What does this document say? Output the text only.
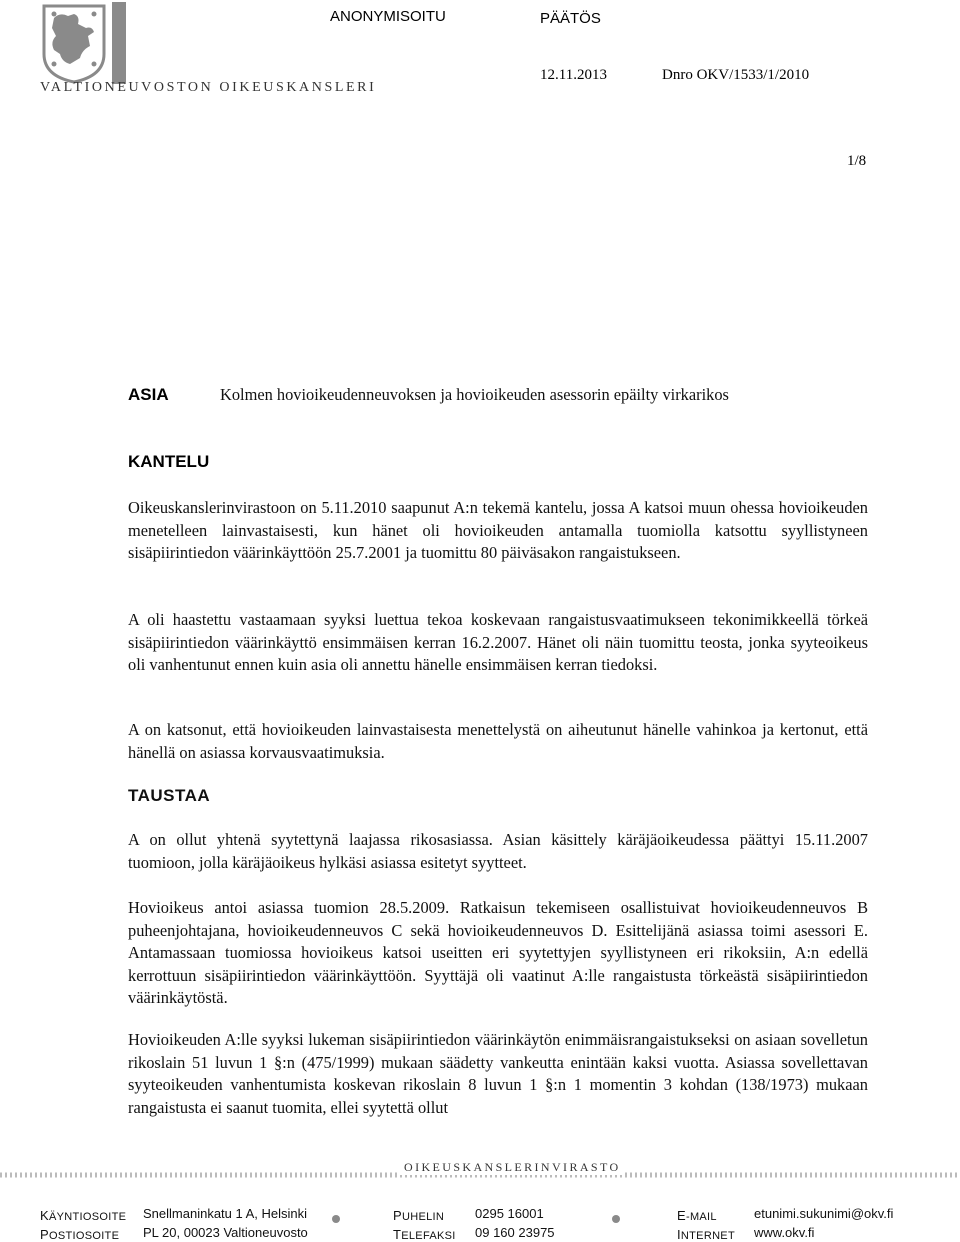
VALTIONEUVOSTON OIKEUSKANSLERI
ANONYMISOITU	PÄÄTÖS
12.11.2013	Dnro OKV/1533/1/2010
1/8
ASIA	Kolmen hovioikeudenneuvoksen ja hovioikeuden asessorin epäilty virkarikos
KANTELU
Oikeuskanslerinvirastoon on 5.11.2010 saapunut A:n tekemä kantelu, jossa A katsoi muun ohessa hovioikeuden menetelleen lainvastaisesti, kun hänet oli hovioikeuden antamalla tuomiolla katsottu syyllistyneen sisäpiirintiedon väärinkäyttöön 25.7.2001 ja tuomittu 80 päiväsakon rangaistukseen.
A oli haastettu vastaamaan syyksi luettua tekoa koskevaan rangaistusvaatimukseen tekonimikkeellä törkeä sisäpiirintiedon väärinkäyttö ensimmäisen kerran 16.2.2007. Hänet oli näin tuomittu teosta, jonka syyteoikeus oli vanhentunut ennen kuin asia oli annettu hänelle ensimmäisen kerran tiedoksi.
A on katsonut, että hovioikeuden lainvastaisesta menettelystä on aiheutunut hänelle vahinkoa ja kertonut, että hänellä on asiassa korvausvaatimuksia.
TAUSTAA
A on ollut yhtenä syytettynä laajassa rikosasiassa. Asian käsittely käräjäoikeudessa päättyi 15.11.2007 tuomioon, jolla käräjäoikeus hylkäsi asiassa esitetyt syytteet.
Hovioikeus antoi asiassa tuomion 28.5.2009. Ratkaisun tekemiseen osallistuivat hovioikeudenneuvos B puheenjohtajana, hovioikeudenneuvos C sekä hovioikeudenneuvos D. Esittelijänä asiassa toimi asessori E. Antamassaan tuomiossa hovioikeus katsoi useitten eri syytettyjen syyllistyneen eri rikoksiin, A:n edellä kerrottuun sisäpiirintiedon väärinkäyttöön. Syyttäjä oli vaatinut A:lle rangaistusta törkeästä sisäpiirintiedon väärinkäytöstä.
Hovioikeuden A:lle syyksi lukeman sisäpiirintiedon väärinkäytön enimmäisrangaistukseksi on asiaan sovelletun rikoslain 51 luvun 1 §:n (475/1999) mukaan säädetty vankeutta enintään kaksi vuotta. Asiassa sovellettavan syyteoikeuden vanhentumista koskevan rikoslain 8 luvun 1 §:n 1 momentin 3 kohdan (138/1973) mukaan rangaistusta ei saanut tuomita, ellei syytettä ollut
OIKEUSKANSLERINVIRASTO
KÄYNTIOSOITE Snellmaninkatu 1 A, Helsinki
POSTIOSOITE PL 20, 00023 Valtioneuvosto
PUHELIN 0295 16001
TELEFAKSI 09 160 23975
E-MAIL	etunimi.sukunimi@okv.fi
INTERNET www.okv.fi
